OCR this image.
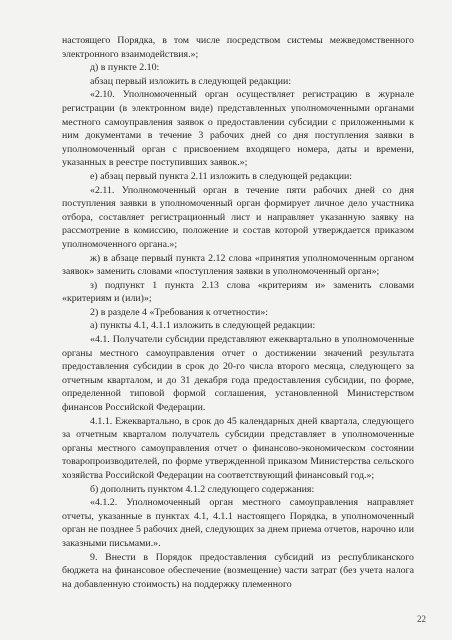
настоящего Порядка, в том числе посредством системы межведомственного электронного взаимодействия.»;

д) в пункте 2.10:

абзац первый изложить в следующей редакции:

«2.10. Уполномоченный орган осуществляет регистрацию в журнале регистрации (в электронном виде) представленных уполномоченными органами местного самоуправления заявок о предоставлении субсидии с приложенными к ним документами в течение 3 рабочих дней со дня поступления заявки в уполномоченный орган с присвоением входящего номера, даты и времени, указанных в реестре поступивших заявок.»;

е) абзац первый пункта 2.11 изложить в следующей редакции:

«2.11. Уполномоченный орган в течение пяти рабочих дней со дня поступления заявки в уполномоченный орган формирует личное дело участника отбора, составляет регистрационный лист и направляет указанную заявку на рассмотрение в комиссию, положение и состав которой утверждается приказом уполномоченного органа.»;

ж) в абзаце первый пункта 2.12 слова «принятия уполномоченным органом заявок» заменить словами «поступления заявки в уполномоченный орган»;

з) подпункт 1 пункта 2.13 слова «критериям и» заменить словами «критериям и (или)»;

2) в разделе 4 «Требования к отчетности»:

а) пункты 4.1, 4.1.1 изложить в следующей редакции:

«4.1. Получатели субсидии представляют ежеквартально в уполномоченные органы местного самоуправления отчет о достижении значений результата предоставления субсидии в срок до 20-го числа второго месяца, следующего за отчетным кварталом, и до 31 декабря года предоставления субсидии, по форме, определенной типовой формой соглашения, установленной Министерством финансов Российской Федерации.

4.1.1. Ежеквартально, в срок до 45 календарных дней квартала, следующего за отчетным кварталом получатель субсидии представляет в уполномоченные органы местного самоуправления отчет о финансово-экономическом состоянии товаропроизводителей, по форме утвержденной приказом Министерства сельского хозяйства Российской Федерации на соответствующий финансовый год.»;

б) дополнить пунктом 4.1.2 следующего содержания:

«4.1.2. Уполномоченный орган местного самоуправления направляет отчеты, указанные в пунктах 4.1, 4.1.1 настоящего Порядка, в уполномоченный орган не позднее 5 рабочих дней, следующих за днем приема отчетов, нарочно или заказными письмами.».

9. Внести в Порядок предоставления субсидий из республиканского бюджета на финансовое обеспечение (возмещение) части затрат (без учета налога на добавленную стоимость) на поддержку племенного

22
